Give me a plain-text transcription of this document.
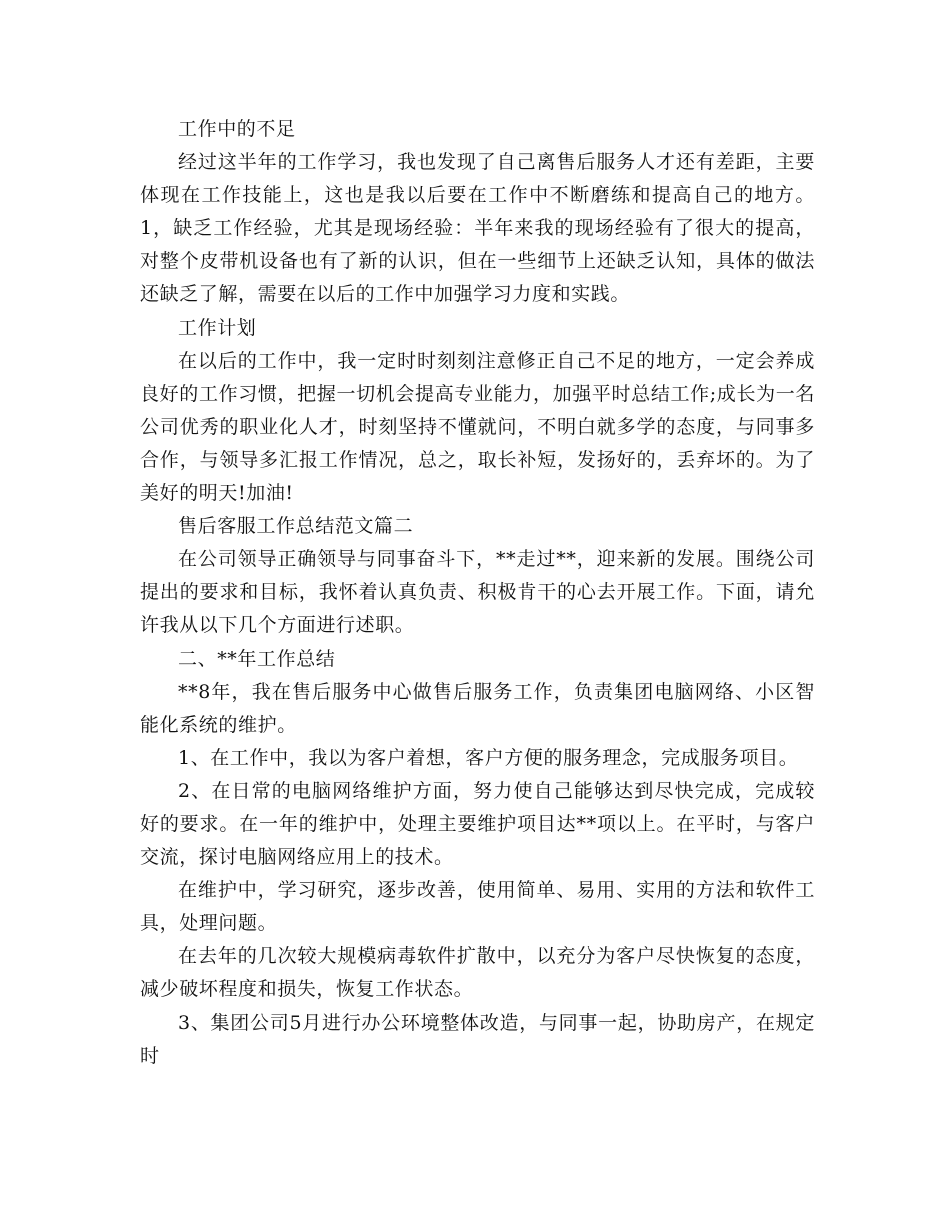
工作中的不足

经过这半年的工作学习，我也发现了自己离售后服务人才还有差距，主要体现在工作技能上，这也是我以后要在工作中不断磨练和提高自己的地方。1，缺乏工作经验，尤其是现场经验：半年来我的现场经验有了很大的提高，对整个皮带机设备也有了新的认识，但在一些细节上还缺乏认知，具体的做法还缺乏了解，需要在以后的工作中加强学习力度和实践。

工作计划

在以后的工作中，我一定时时刻刻注意修正自己不足的地方，一定会养成良好的工作习惯，把握一切机会提高专业能力，加强平时总结工作;成长为一名公司优秀的职业化人才，时刻坚持不懂就问，不明白就多学的态度，与同事多合作，与领导多汇报工作情况，总之，取长补短，发扬好的，丢弃坏的。为了美好的明天!加油!

售后客服工作总结范文篇二

在公司领导正确领导与同事奋斗下，**走过**，迎来新的发展。围绕公司提出的要求和目标，我怀着认真负责、积极肯干的心去开展工作。下面，请允许我从以下几个方面进行述职。

二、**年工作总结

**8年，我在售后服务中心做售后服务工作，负责集团电脑网络、小区智能化系统的维护。

1、在工作中，我以为客户着想，客户方便的服务理念，完成服务项目。

2、在日常的电脑网络维护方面，努力使自己能够达到尽快完成，完成较好的要求。在一年的维护中，处理主要维护项目达**项以上。在平时，与客户交流，探讨电脑网络应用上的技术。

在维护中，学习研究，逐步改善，使用简单、易用、实用的方法和软件工具，处理问题。

在去年的几次较大规模病毒软件扩散中，以充分为客户尽快恢复的态度，减少破坏程度和损失，恢复工作状态。

3、集团公司5月进行办公环境整体改造，与同事一起，协助房产，在规定时
